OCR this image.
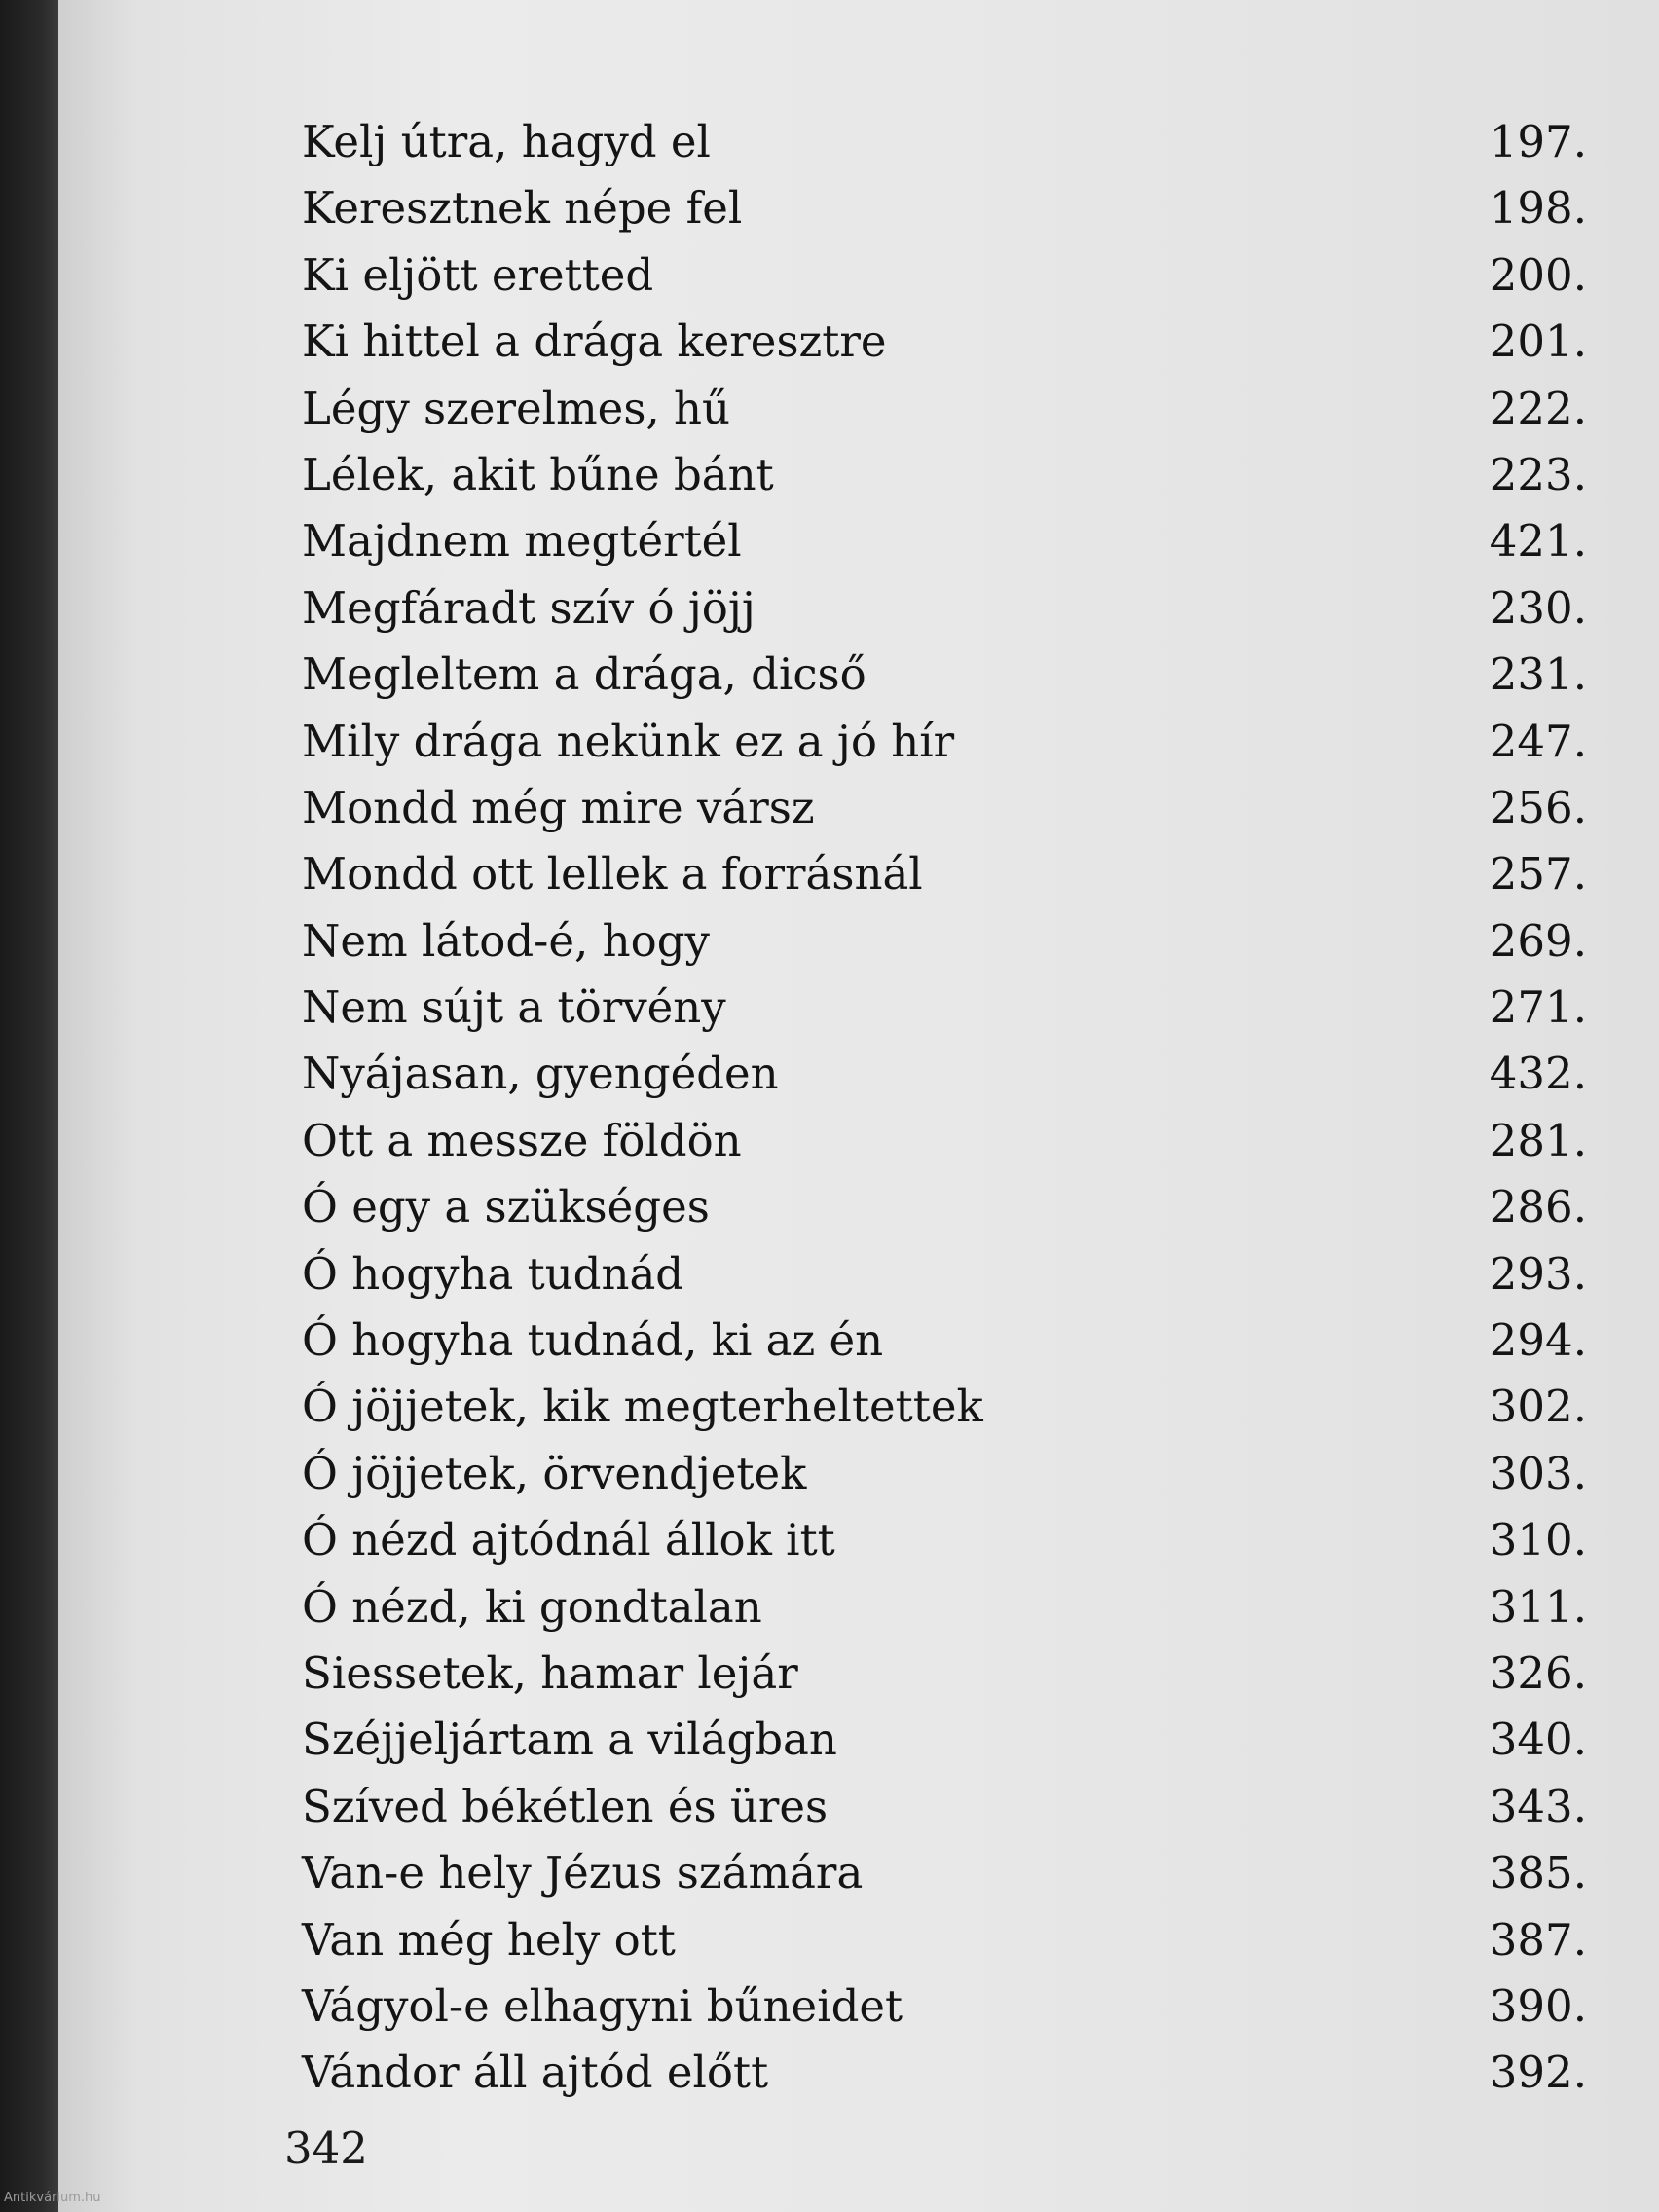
Kelj útra, hagyd el	197.
Keresztnek népe fel	198.
Ki eljött eretted	200.
Ki hittel a drága keresztre	201.
Légy szerelmes, hű	222.
Lélek, akit bűne bánt	223.
Majdnem megtértél	421.
Megfáradt szív ó jöjj	230.
Megleltem a drága, dicső	231.
Mily drága nekünk ez a jó hír	247.
Mondd még mire vársz	256.
Mondd ott lellek a forrásnál	257.
Nem látod-é, hogy	269.
Nem sújt a törvény	271.
Nyájasan, gyengéden	432.
Ott a messze földön	281.
Ó egy a szükséges	286.
Ó hogyha tudnád	293.
Ó hogyha tudnád, ki az én	294.
Ó jöjjetek, kik megterheltettek	302.
Ó jöjjetek, örvendjetek	303.
Ó nézd ajtódnál állok itt	310.
Ó nézd, ki gondtalan	311.
Siessetek, hamar lejár	326.
Széjjeljártam a világban	340.
Szíved békétlen és üres	343.
Van-e hely Jézus számára	385.
Van még hely ott	387.
Vágyol-e elhagyni bűneidet	390.
Vándor áll ajtód előtt	392.
342
Antikvárium.hu
